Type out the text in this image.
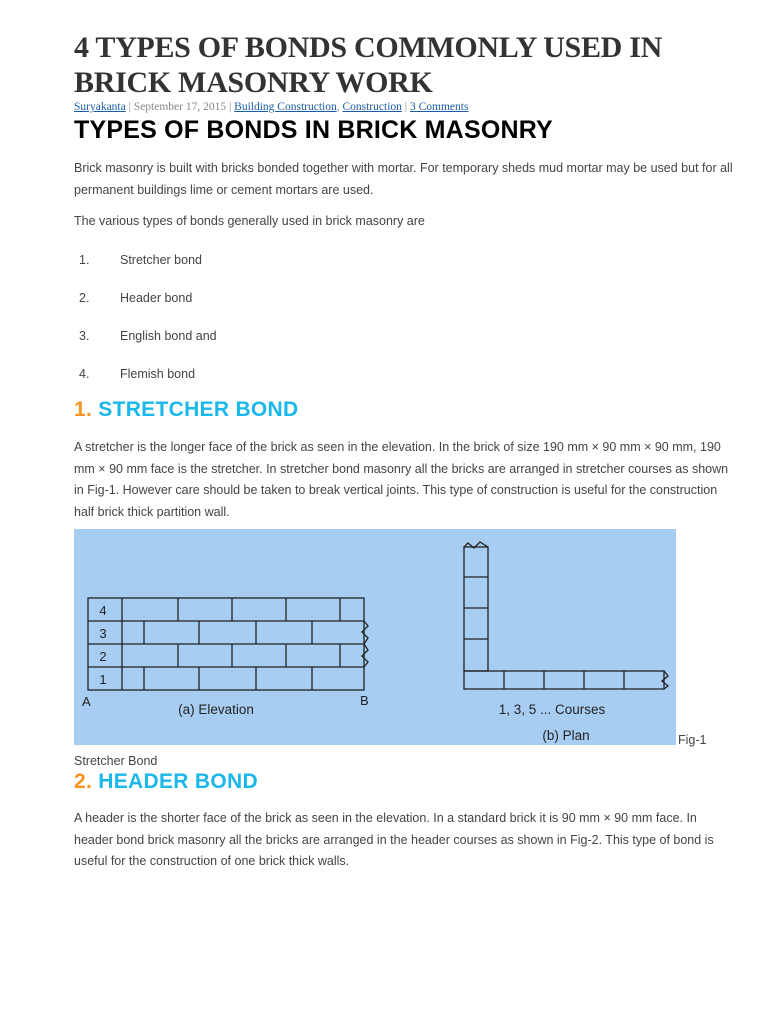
4 TYPES OF BONDS COMMONLY USED IN BRICK MASONRY WORK
Suryakanta | September 17, 2015 | Building Construction, Construction | 3 Comments
TYPES OF BONDS IN BRICK MASONRY

Brick masonry is built with bricks bonded together with mortar. For temporary sheds mud mortar may be used but for all permanent buildings lime or cement mortars are used.

The various types of bonds generally used in brick masonry are

1. Stretcher bond
2. Header bond
3. English bond and
4. Flemish bond
1. STRETCHER BOND

A stretcher is the longer face of the brick as seen in the elevation. In the brick of size 190 mm × 90 mm × 90 mm, 190 mm × 90 mm face is the stretcher. In stretcher bond masonry all the bricks are arranged in stretcher courses as shown in Fig-1. However care should be taken to break vertical joints. This type of construction is useful for the construction half brick thick partition wall.

4
3
2
1
A	B
(a) Elevation	1, 3, 5 ... Courses
(b) Plan	Fig-1
Stretcher Bond
2. HEADER BOND

A header is the shorter face of the brick as seen in the elevation. In a standard brick it is 90 mm × 90 mm face. In header bond brick masonry all the bricks are arranged in the header courses as shown in Fig-2. This type of bond is useful for the construction of one brick thick walls.
